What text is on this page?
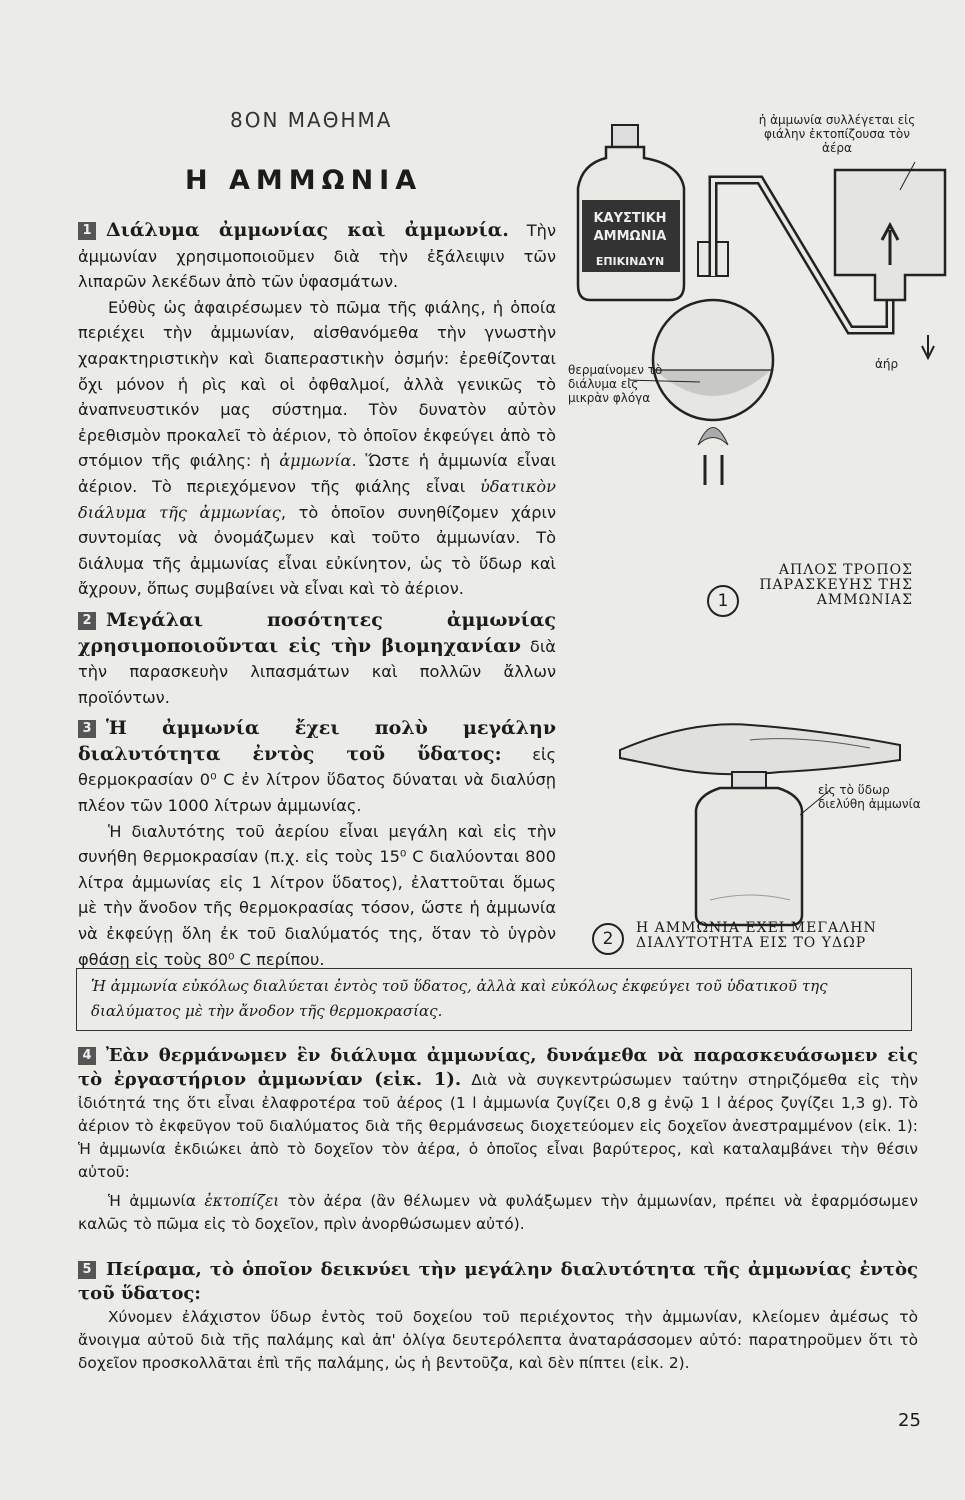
8ΟΝ ΜΑΘΗΜΑ
Η ΑΜΜΩΝΙΑ

1 Διάλυμα ἀμμωνίας καὶ ἀμμωνία. Τὴν ἀμμωνίαν χρησιμοποιοῦμεν διὰ τὴν ἐξάλειψιν τῶν λιπαρῶν λεκέδων ἀπὸ τῶν ὑφασμάτων.

Εὐθὺς ὡς ἀφαιρέσωμεν τὸ πῶμα τῆς φιάλης, ἡ ὁποία περιέχει τὴν ἀμμωνίαν, αἰσθανόμεθα τὴν γνωστὴν χαρακτηριστικὴν καὶ διαπεραστικὴν ὀσμήν: ἐρεθίζονται ὄχι μόνον ἡ ρὶς καὶ οἱ ὀφθαλμοί, ἀλλὰ γενικῶς τὸ ἀναπνευστικόν μας σύστημα. Τὸν δυνατὸν αὐτὸν ἐρεθισμὸν προκαλεῖ τὸ ἀέριον, τὸ ὁποῖον ἐκφεύγει ἀπὸ τὸ στόμιον τῆς φιάλης: ἡ ἀμμωνία. Ὥστε ἡ ἀμμωνία εἶναι ἀέριον. Τὸ περιεχόμενον τῆς φιάλης εἶναι ὑδατικὸν διάλυμα τῆς ἀμμωνίας, τὸ ὁποῖον συνηθίζομεν χάριν συντομίας νὰ ὀνομάζωμεν καὶ τοῦτο ἀμμωνίαν. Τὸ διάλυμα τῆς ἀμμωνίας εἶναι εὐκίνητον, ὡς τὸ ὕδωρ καὶ ἄχρουν, ὅπως συμβαίνει νὰ εἶναι καὶ τὸ ἀέριον.

2 Μεγάλαι ποσότητες ἀμμωνίας χρησιμοποιοῦνται εἰς τὴν βιομηχανίαν διὰ τὴν παρασκευὴν λιπασμάτων καὶ πολλῶν ἄλλων προϊόντων.

3 Ἡ ἀμμωνία ἔχει πολὺ μεγάλην διαλυτότητα ἐντὸς τοῦ ὕδατος: εἰς θερμοκρασίαν 0⁰ C ἐν λίτρον ὕδατος δύναται νὰ διαλύσῃ πλέον τῶν 1000 λίτρων ἀμμωνίας.

Ἡ διαλυτότης τοῦ ἀερίου εἶναι μεγάλη καὶ εἰς τὴν συνήθη θερμοκρασίαν (π.χ. εἰς τοὺς 15⁰ C διαλύονται 800 λίτρα ἀμμωνίας εἰς 1 λίτρον ὕδατος), ἐλαττοῦται ὅμως μὲ τὴν ἄνοδον τῆς θερμοκρασίας τόσον, ὥστε ἡ ἀμμωνία νὰ ἐκφεύγῃ ὅλη ἐκ τοῦ διαλύματός της, ὅταν τὸ ὑγρὸν φθάσῃ εἰς τοὺς 80⁰ C περίπου.

ΚΑΥΣΤΙΚΗ
ΑΜΜΩΝΙΑ
ΕΠΙΚΙΝΔΥΝ
ἡ ἀμμωνία συλλέγεται εἰς φιάλην ἐκτοπίζουσα τὸν ἀέρα
θερμαίνομεν τὸ διάλυμα εἰς μικρὰν φλόγα
ἀήρ
1
ΑΠΛΟΣ ΤΡΟΠΟΣ ΠΑΡΑΣΚΕΥΗΣ ΤΗΣ ΑΜΜΩΝΙΑΣ
εἰς τὸ ὕδωρ διελύθη ἀμμωνία
2
Η ΑΜΜΩΝΙΑ ΕΧΕΙ ΜΕΓΑΛΗΝ ΔΙΑΛΥΤΟΤΗΤΑ ΕΙΣ ΤΟ ΥΔΩΡ
Ἡ ἀμμωνία εὐκόλως διαλύεται ἐντὸς τοῦ ὕδατος, ἀλλὰ καὶ εὐκόλως ἐκφεύγει τοῦ ὑδατικοῦ της διαλύματος μὲ τὴν ἄνοδον τῆς θερμοκρασίας.

4 Ἐὰν θερμάνωμεν ἓν διάλυμα ἀμμωνίας, δυνάμεθα νὰ παρασκευάσωμεν εἰς τὸ ἐργαστήριον ἀμμωνίαν (εἰκ. 1). Διὰ νὰ συγκεντρώσωμεν ταύτην στηριζόμεθα εἰς τὴν ἰδιότητά της ὅτι εἶναι ἐλαφροτέρα τοῦ ἀέρος (1 l ἀμμωνία ζυγίζει 0,8 g ἐνῷ 1 l ἀέρος ζυγίζει 1,3 g). Τὸ ἀέριον τὸ ἐκφεῦγον τοῦ διαλύματος διὰ τῆς θερμάνσεως διοχετεύομεν εἰς δοχεῖον ἀνεστραμμένον (εἰκ. 1): Ἡ ἀμμωνία ἐκδιώκει ἀπὸ τὸ δοχεῖον τὸν ἀέρα, ὁ ὁποῖος εἶναι βαρύτερος, καὶ καταλαμβάνει τὴν θέσιν αὐτοῦ:

Ἡ ἀμμωνία ἐκτοπίζει τὸν ἀέρα (ἂν θέλωμεν νὰ φυλάξωμεν τὴν ἀμμωνίαν, πρέπει νὰ ἐφαρμόσωμεν καλῶς τὸ πῶμα εἰς τὸ δοχεῖον, πρὶν ἀνορθώσωμεν αὐτό).

5 Πείραμα, τὸ ὁποῖον δεικνύει τὴν μεγάλην διαλυτότητα τῆς ἀμμωνίας ἐντὸς τοῦ ὕδατος:

Χύνομεν ἐλάχιστον ὕδωρ ἐντὸς τοῦ δοχείου τοῦ περιέχοντος τὴν ἀμμωνίαν, κλείομεν ἀμέσως τὸ ἄνοιγμα αὐτοῦ διὰ τῆς παλάμης καὶ ἀπ' ὀλίγα δευτερόλεπτα ἀναταράσσομεν αὐτό: παρατηροῦμεν ὅτι τὸ δοχεῖον προσκολλᾶται ἐπὶ τῆς παλάμης, ὡς ἡ βεντοῦζα, καὶ δὲν πίπτει (εἰκ. 2).

25
